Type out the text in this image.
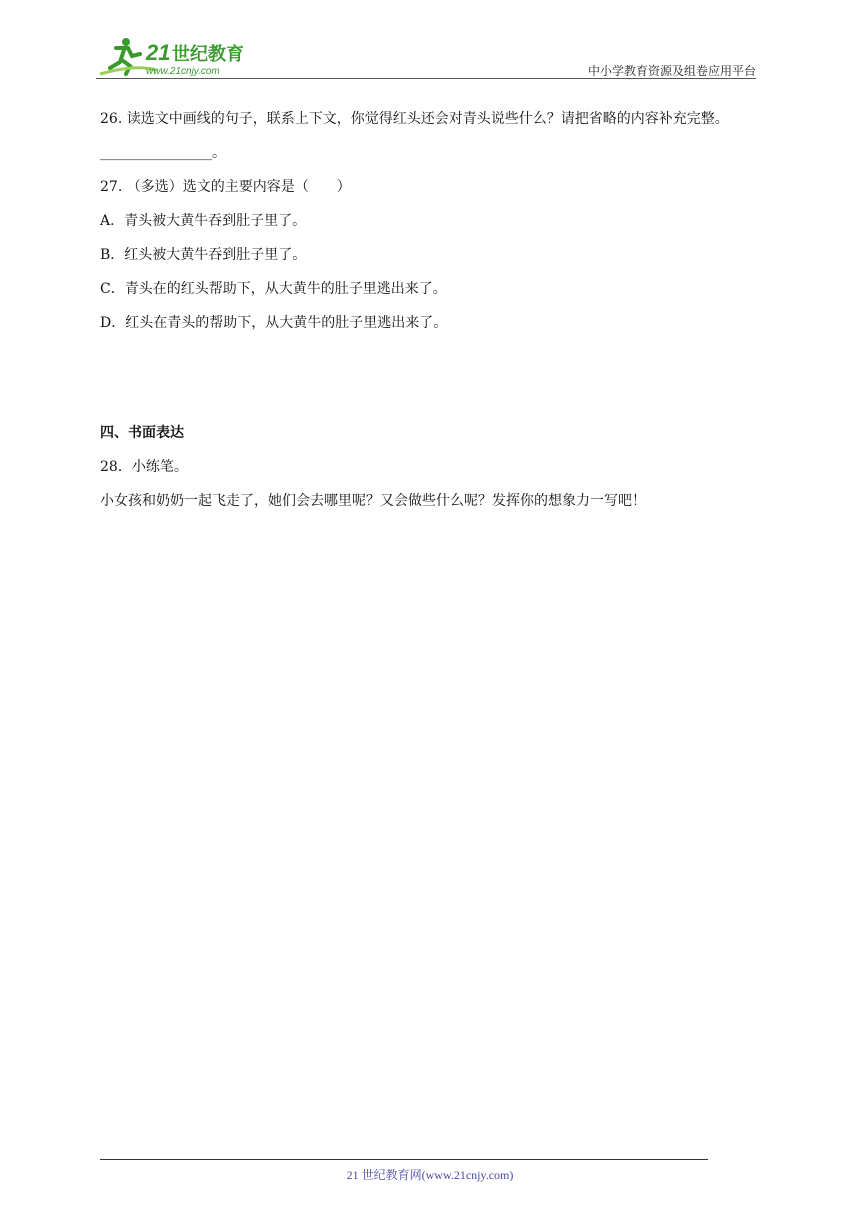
21 世纪教育
www.21cnjy.com	中小学教育资源及组卷应用平台
26. 读选文中画线的句子，联系上下文，你觉得红头还会对青头说些什么？请把省略的内容补充完整。
________________。
27. （多选）选文的主要内容是（　　）
A．青头被大黄牛吞到肚子里了。
B．红头被大黄牛吞到肚子里了。
C．青头在的红头帮助下，从大黄牛的肚子里逃出来了。
D．红头在青头的帮助下，从大黄牛的肚子里逃出来了。
四、书面表达
28．小练笔。
小女孩和奶奶一起飞走了，她们会去哪里呢？又会做些什么呢？发挥你的想象力一写吧！
21 世纪教育网(www.21cnjy.com)
